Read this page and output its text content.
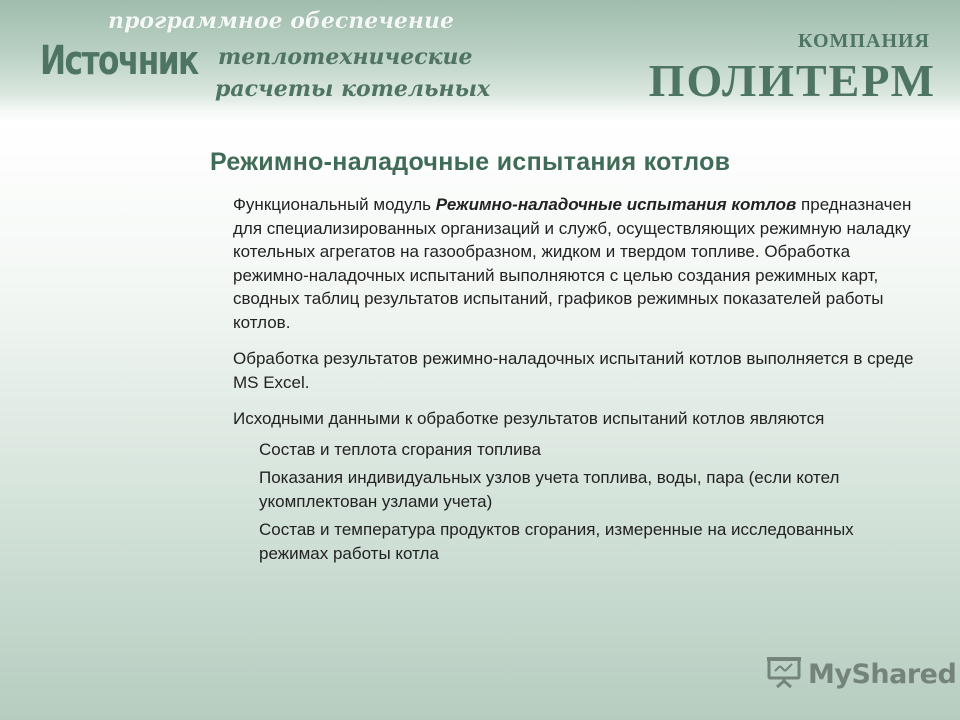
программное обеспечение
теплотехнические
расчеты котельных
Источник	КОМПАНИЯ
ПОЛИТЕРМ
Режимно-наладочные испытания котлов

Функциональный модуль Режимно-наладочные испытания котлов предназначен для специализированных организаций и служб, осуществляющих режимную наладку котельных агрегатов на газообразном, жидком и твердом топливе. Обработка режимно-наладочных испытаний выполняются с целью создания режимных карт, сводных таблиц результатов испытаний, графиков режимных показателей работы котлов.

Обработка результатов режимно-наладочных испытаний котлов выполняется в среде MS Excel.

Исходными данными к обработке результатов испытаний котлов являются

Состав и теплота сгорания топлива
Показания индивидуальных узлов учета топлива, воды, пара (если котел укомплектован узлами учета)
Состав и температура продуктов сгорания, измеренные на исследованных режимах работы котла
MyShared
